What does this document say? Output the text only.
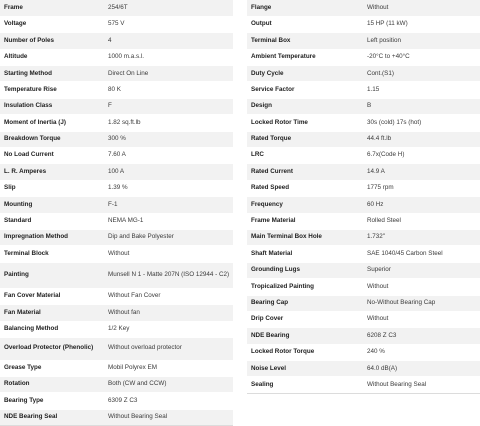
Frame	254/6T
Voltage	575 V
Number of Poles	4
Altitude	1000 m.a.s.l.
Starting Method	Direct On Line
Temperature Rise	80 K
Insulation Class	F
Moment of Inertia (J)	1.82 sq.ft.lb
Breakdown Torque	300 %
No Load Current	7.60 A
L. R. Amperes	100 A
Slip	1.39 %
Mounting	F-1
Standard	NEMA MG-1
Impregnation Method	Dip and Bake Polyester
Terminal Block	Without
Painting	Munsell N 1 - Matte 207N (ISO 12944 - C2)
Fan Cover Material	Without Fan Cover
Fan Material	Without fan
Balancing Method	1/2 Key
Overload Protector (Phenolic)	Without overload protector
Grease Type	Mobil Polyrex EM
Rotation	Both (CW and CCW)
Bearing Type	6309 Z C3
NDE Bearing Seal	Without Bearing Seal
Flange	Without
Output	15 HP (11 kW)
Terminal Box	Left position
Ambient Temperature	-20°C to +40°C
Duty Cycle	Cont.(S1)
Service Factor	1.15
Design	B
Locked Rotor Time	30s (cold) 17s (hot)
Rated Torque	44.4 ft.lb
LRC	6.7x(Code H)
Rated Current	14.9 A
Rated Speed	1775 rpm
Frequency	60 Hz
Frame Material	Rolled Steel
Main Terminal Box Hole	1.732"
Shaft Material	SAE 1040/45 Carbon Steel
Grounding Lugs	Superior
Tropicalized Painting	Without
Bearing Cap	No-Without Bearing Cap
Drip Cover	Without
NDE Bearing	6208 Z C3
Locked Rotor Torque	240 %
Noise Level	64.0 dB(A)
Sealing	Without Bearing Seal
